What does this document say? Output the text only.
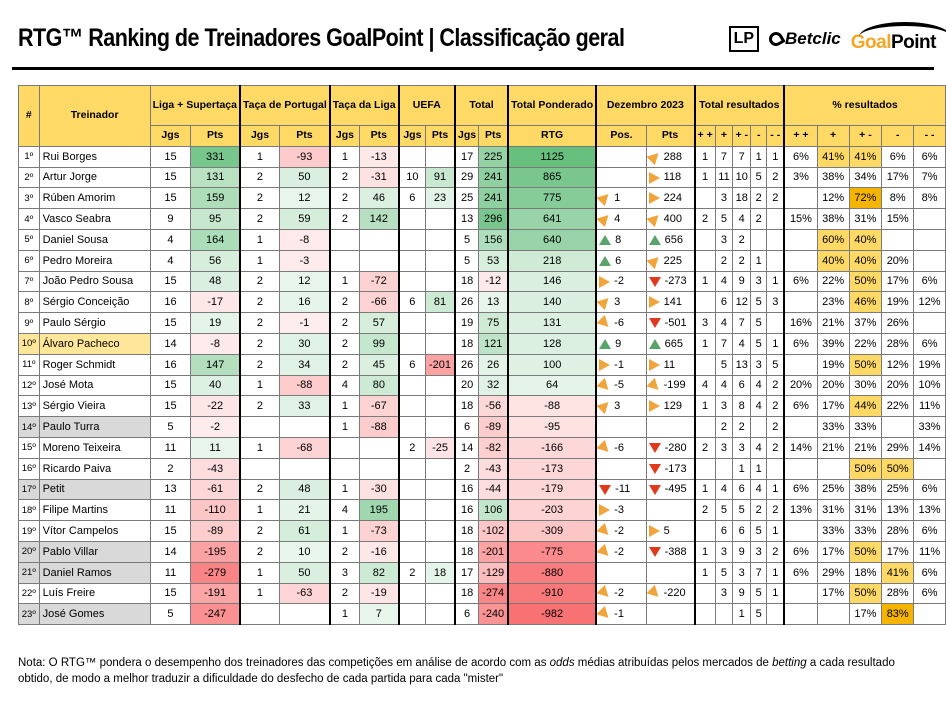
RTG™ Ranking de Treinadores GoalPoint | Classificação geral	LP Betclic GoalPoint
#	Treinador	Liga + Supertaça		Taça de Portugal		Taça da Liga		UEFA		Total		Total Ponderado	Dezembro 2023		Total resultados					% resultados				
		Jgs	Pts	Jgs	Pts	Jgs	Pts	Jgs	Pts	Jgs	Pts	RTG	Pos.	Pts	+ +	+	+ -	-	- -	+ +	+	+ -	-	- -
1º	Rui Borges	15	331	1	-93	1	-13			17	225	1125		288	1	7	7	1	1	6%	41%	41%	6%	6%
2º	Artur Jorge	15	131	2	50	2	-31	10	91	29	241	865		118	1	11	10	5	2	3%	38%	34%	17%	7%
3º	Rúben Amorim	15	159	2	12	2	46	6	23	25	241	775	1	224		3	18	2	2		12%	72%	8%	8%
4º	Vasco Seabra	9	95	2	59	2	142			13	296	641	4	400	2	5	4	2		15%	38%	31%	15%	
5º	Daniel Sousa	4	164	1	-8					5	156	640	8	656		3	2				60%	40%		
6º	Pedro Moreira	4	56	1	-3					5	53	218	6	225		2	2	1			40%	40%	20%	
7º	João Pedro Sousa	15	48	2	12	1	-72			18	-12	146	-2	-273	1	4	9	3	1	6%	22%	50%	17%	6%
8º	Sérgio Conceição	16	-17	2	16	2	-66	6	81	26	13	140	3	141		6	12	5	3		23%	46%	19%	12%
9º	Paulo Sérgio	15	19	2	-1	2	57			19	75	131	-6	-501	3	4	7	5		16%	21%	37%	26%	
10º	Álvaro Pacheco	14	-8	2	30	2	99			18	121	128	9	665	1	7	4	5	1	6%	39%	22%	28%	6%
11º	Roger Schmidt	16	147	2	34	2	45	6	-201	26	26	100	-1	11		5	13	3	5		19%	50%	12%	19%
12º	José Mota	15	40	1	-88	4	80			20	32	64	-5	-199	4	4	6	4	2	20%	20%	30%	20%	10%
13º	Sérgio Vieira	15	-22	2	33	1	-67			18	-56	-88	3	129	1	3	8	4	2	6%	17%	44%	22%	11%
14º	Paulo Turra	5	-2			1	-88			6	-89	-95				2	2		2		33%	33%		33%
15º	Moreno Teixeira	11	11	1	-68			2	-25	14	-82	-166	-6	-280	2	3	3	4	2	14%	21%	21%	29%	14%
16º	Ricardo Paiva	2	-43							2	-43	-173		-173			1	1				50%	50%	
17º	Petit	13	-61	2	48	1	-30			16	-44	-179	-11	-495	1	4	6	4	1	6%	25%	38%	25%	6%
18º	Filipe Martins	11	-110	1	21	4	195			16	106	-203	-3		2	5	5	2	2	13%	31%	31%	13%	13%
19º	Vítor Campelos	15	-89	2	61	1	-73			18	-102	-309	-2	5		6	6	5	1		33%	33%	28%	6%
20º	Pablo Villar	14	-195	2	10	2	-16			18	-201	-775	-2	-388	1	3	9	3	2	6%	17%	50%	17%	11%
21º	Daniel Ramos	11	-279	1	50	3	82	2	18	17	-129	-880			1	5	3	7	1	6%	29%	18%	41%	6%
22º	Luís Freire	15	-191	1	-63	2	-19			18	-274	-910	-2	-220		3	9	5	1		17%	50%	28%	6%
23º	José Gomes	5	-247			1	7			6	-240	-982	-1				1	5				17%	83%	
Nota: O RTG™ pondera o desempenho dos treinadores das competições em análise de acordo com as odds médias atribuídas pelos mercados de betting a cada resultado obtido, de modo a melhor traduzir a dificuldade do desfecho de cada partida para cada "mister"
